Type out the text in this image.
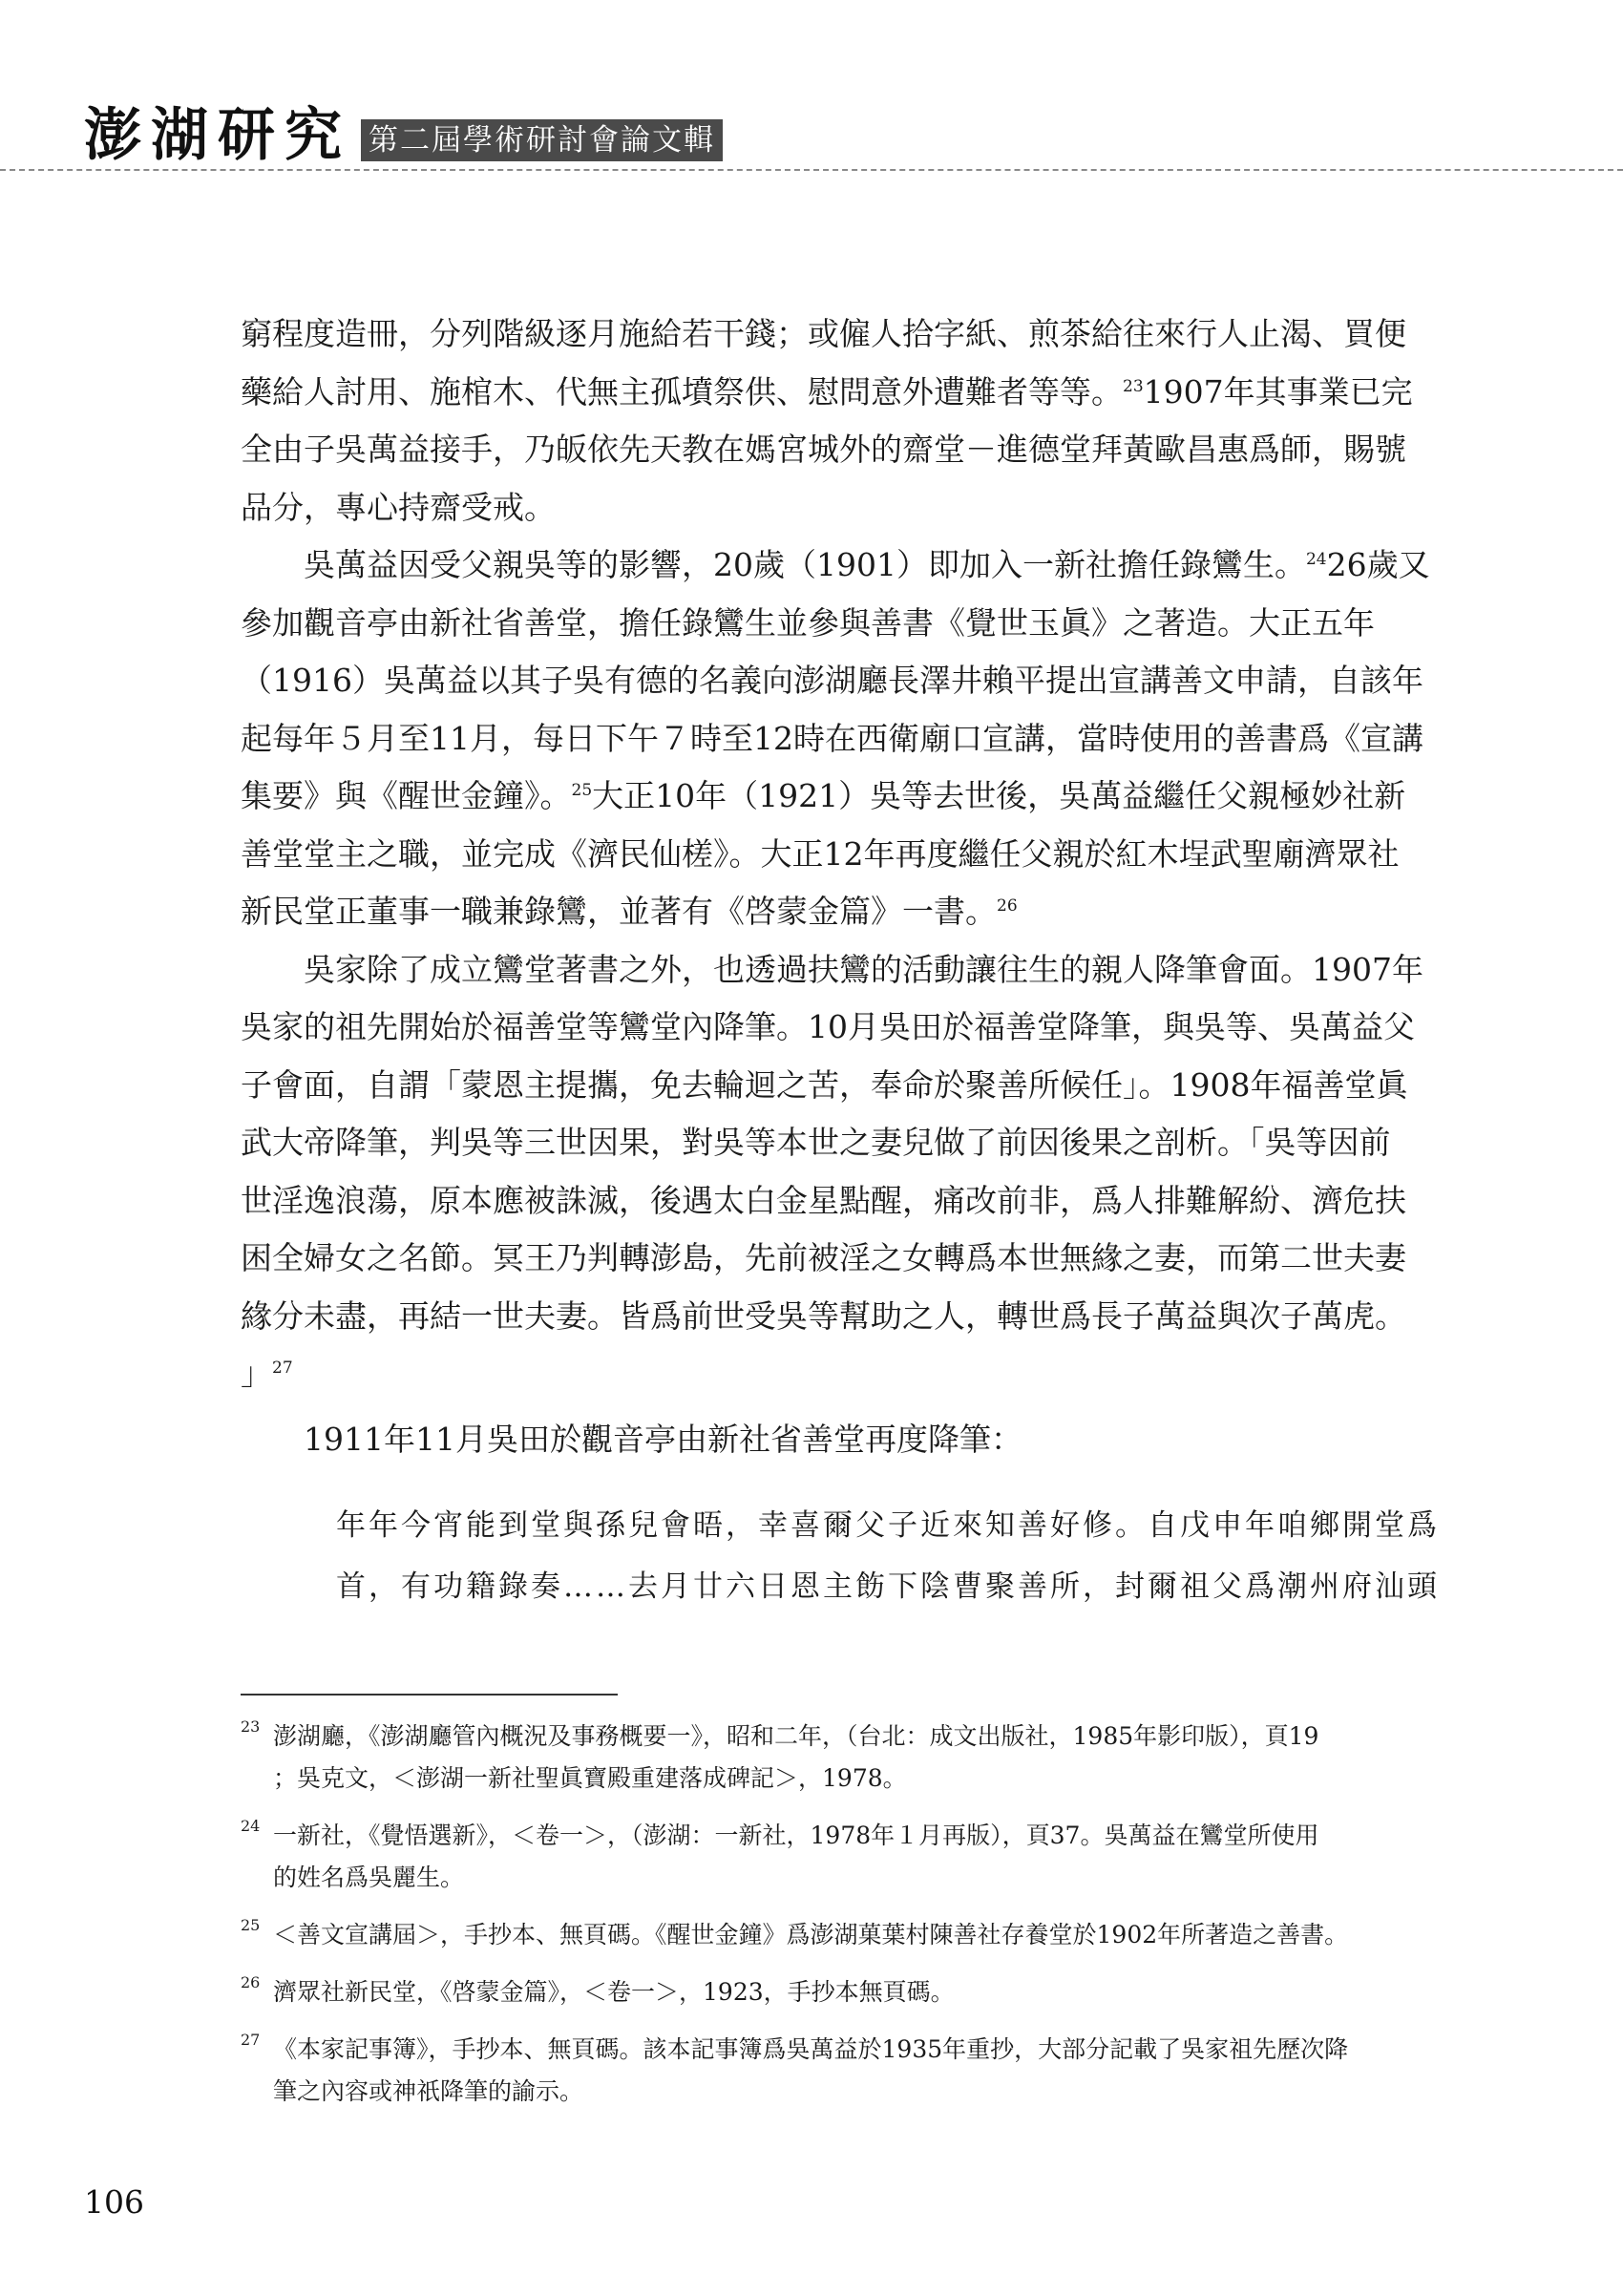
澎湖研究 第二屆學術研討會論文輯

窮程度造冊，分列階級逐月施給若干錢；或僱人拾字紙、煎茶給往來行人止渴、買便
藥給人討用、施棺木、代無主孤墳祭供、慰問意外遭難者等等。$^{23}$1907年其事業已完
全由子吳萬益接手，乃皈依先天教在媽宮城外的齋堂－進德堂拜黃歐昌惠爲師，賜號
品分，專心持齋受戒。

吳萬益因受父親吳等的影響，20歲（1901）即加入一新社擔任錄鸞生。$^{24}$26歲又

參加觀音亭由新社省善堂，擔任錄鸞生並參與善書《覺世玉眞》之著造。大正五年
（1916）吳萬益以其子吳有德的名義向澎湖廳長澤井賴平提出宣講善文申請，自該年
起每年５月至11月，每日下午７時至12時在西衛廟口宣講，當時使用的善書爲《宣講
集要》與《醒世金鐘》。$^{25}$大正10年（1921）吳等去世後，吳萬益繼任父親極妙社新
善堂堂主之職，並完成《濟民仙槎》。大正12年再度繼任父親於紅木埕武聖廟濟眾社
新民堂正董事一職兼錄鸞，並著有《啓蒙金篇》一書。$^{26}$

吳家除了成立鸞堂著書之外，也透過扶鸞的活動讓往生的親人降筆會面。1907年

吳家的祖先開始於福善堂等鸞堂內降筆。10月吳田於福善堂降筆，與吳等、吳萬益父
子會面，自謂「蒙恩主提攜，免去輪迴之苦，奉命於聚善所候任」。1908年福善堂眞
武大帝降筆，判吳等三世因果，對吳等本世之妻兒做了前因後果之剖析。「吳等因前
世淫逸浪蕩，原本應被誅滅，後遇太白金星點醒，痛改前非，爲人排難解紛、濟危扶
困全婦女之名節。冥王乃判轉澎島，先前被淫之女轉爲本世無緣之妻，而第二世夫妻
緣分未盡，再結一世夫妻。皆爲前世受吳等幫助之人，轉世爲長子萬益與次子萬虎。
」$^{27}$

1911年11月吳田於觀音亭由新社省善堂再度降筆：

年年今宵能到堂與孫兒會晤，幸喜爾父子近來知善好修。自戊申年咱鄉開堂爲
首，有功籍錄奏……去月廿六日恩主飭下陰曹聚善所，封爾祖父爲潮州府汕頭
23 澎湖廳，《澎湖廳管內概況及事務概要一》，昭和二年，（台北：成文出版社，1985年影印版），頁19
；吳克文，＜澎湖一新社聖眞寶殿重建落成碑記＞，1978。
24 一新社，《覺悟選新》，＜卷一＞，（澎湖：一新社，1978年１月再版），頁37。吳萬益在鸞堂所使用
的姓名爲吳麗生。
25 ＜善文宣講屆＞，手抄本、無頁碼。《醒世金鐘》爲澎湖菓葉村陳善社存養堂於1902年所著造之善書。
26 濟眾社新民堂，《啓蒙金篇》，＜卷一＞，1923，手抄本無頁碼。
27 《本家記事簿》，手抄本、無頁碼。該本記事簿爲吳萬益於1935年重抄，大部分記載了吳家祖先歷次降
筆之內容或神祇降筆的諭示。
106
